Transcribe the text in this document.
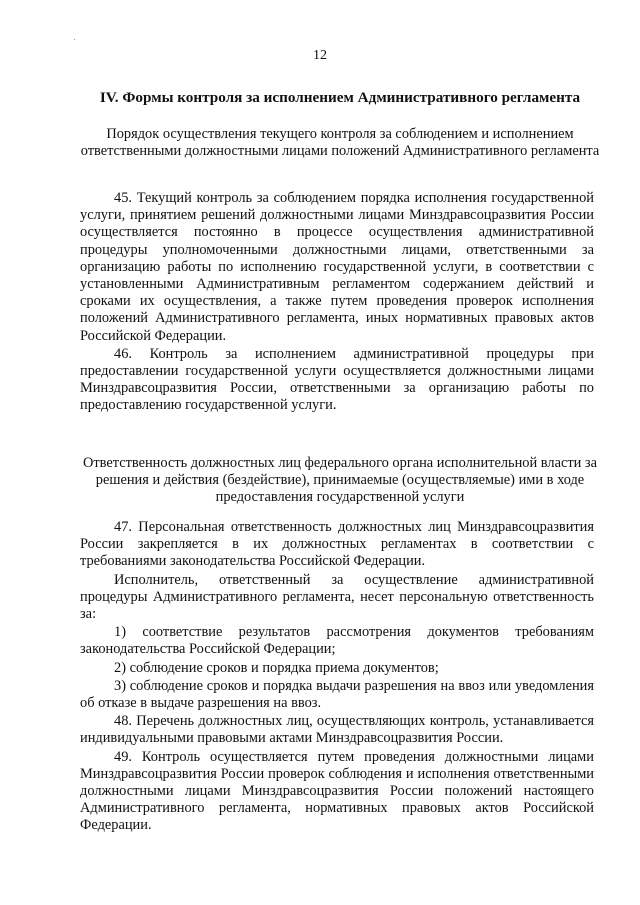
12
IV. Формы контроля за исполнением Административного регламента
Порядок осуществления текущего контроля за соблюдением и исполнением ответственными должностными лицами положений Административного регламента

45. Текущий контроль за соблюдением порядка исполнения государственной услуги, принятием решений должностными лицами Минздравсоцразвития России осуществляется постоянно в процессе осуществления административной процедуры уполномоченными должностными лицами, ответственными за организацию работы по исполнению государственной услуги, в соответствии с установленными Административным регламентом содержанием действий и сроками их осуществления, а также путем проведения проверок исполнения положений Административного регламента, иных нормативных правовых актов Российской Федерации.

46. Контроль за исполнением административной процедуры при предоставлении государственной услуги осуществляется должностными лицами Минздравсоцразвития России, ответственными за организацию работы по предоставлению государственной услуги.

Ответственность должностных лиц федерального органа исполнительной власти за решения и действия (бездействие), принимаемые (осуществляемые) ими в ходе предоставления государственной услуги

47. Персональная ответственность должностных лиц Минздравсоцразвития России закрепляется в их должностных регламентах в соответствии с требованиями законодательства Российской Федерации.

Исполнитель, ответственный за осуществление административной процедуры Административного регламента, несет персональную ответственность за:

1) соответствие результатов рассмотрения документов требованиям законодательства Российской Федерации;

2) соблюдение сроков и порядка приема документов;

3) соблюдение сроков и порядка выдачи разрешения на ввоз или уведомления об отказе в выдаче разрешения на ввоз.

48. Перечень должностных лиц, осуществляющих контроль, устанавливается индивидуальными правовыми актами Минздравсоцразвития России.

49. Контроль осуществляется путем проведения должностными лицами Минздравсоцразвития России проверок соблюдения и исполнения ответственными должностными лицами Минздравсоцразвития России положений настоящего Административного регламента, нормативных правовых актов Российской Федерации.
